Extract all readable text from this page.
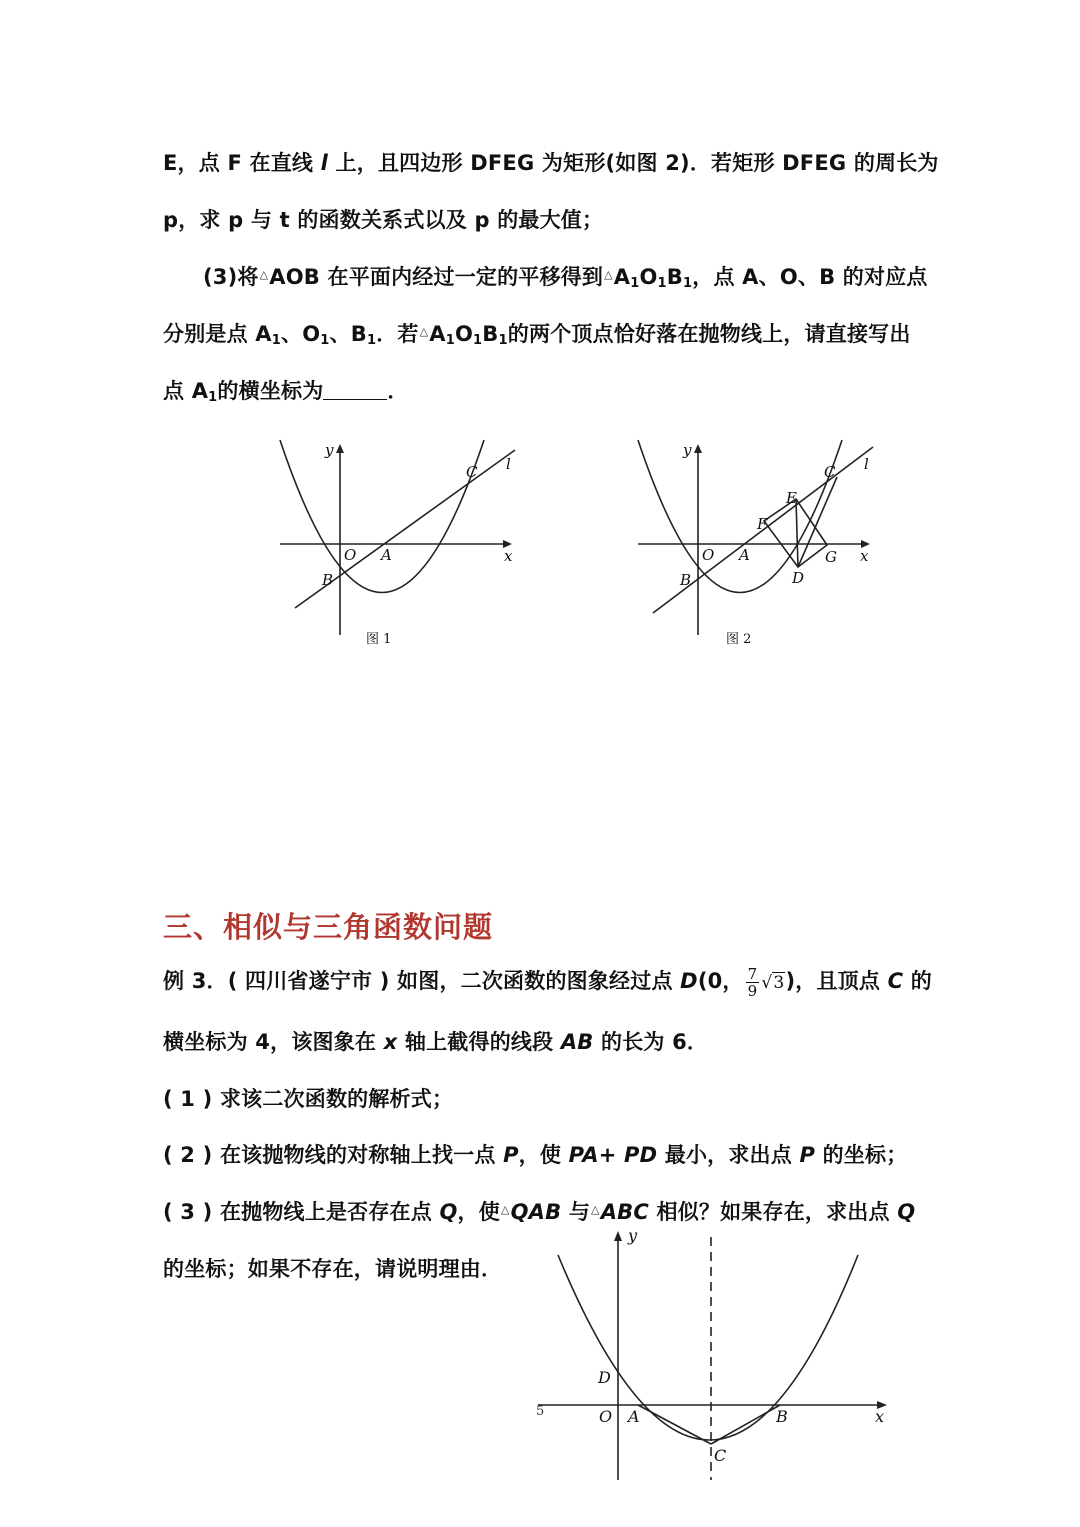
E，点 F 在直线 l 上，且四边形 DFEG 为矩形(如图 2)．若矩形 DFEG 的周长为
p，求 p 与 t 的函数关系式以及 p 的最大值；
(3)将△AOB 在平面内经过一定的平移得到$^\triangle A_1O_1B_1$，点 A、O、B 的对应点
分别是点 $A_1$、$O_1$、$B_1$．若$^\triangle A_1O_1B_1$的两个顶点恰好落在抛物线上，请直接写出
点 $A_1$的横坐标为	．
y
x
O A
B
C l
图 1
y
x
O A
B
C l
E
F
G
D
图 2
三、相似与三角函数问题
例 3．( 四川省遂宁市 ) 如图，二次函数的图象经过点 D(0， $\frac{7}{9} √3$)，且顶点 C 的
横坐标为 4，该图象在 x 轴上截得的线段 AB 的长为 6．
( 1 ) 求该二次函数的解析式；
( 2 ) 在该抛物线的对称轴上找一点 P，使 PA+ PD 最小，求出点 P 的坐标；
( 3 ) 在抛物线上是否存在点 Q，使△QAB 与△ABC 相似？如果存在，求出点 Q
的坐标；如果不存在，请说明理由．
y
x
O A	B
C
D
5
